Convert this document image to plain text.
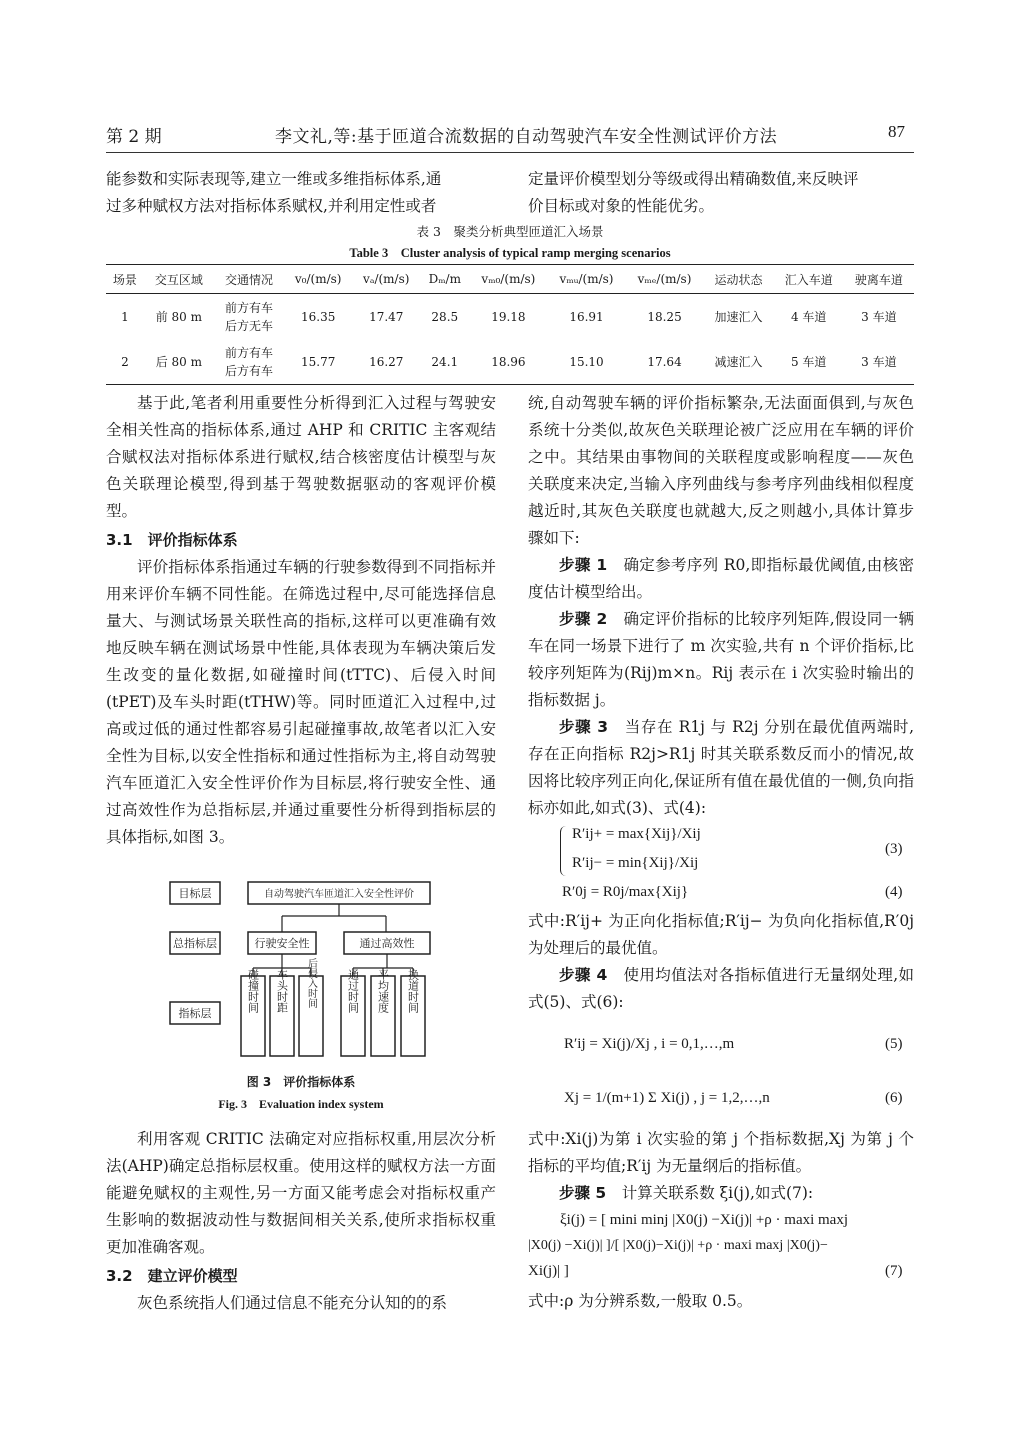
第 2 期	李文礼,等:基于匝道合流数据的自动驾驶汽车安全性测试评价方法	87

能参数和实际表现等,建立一维或多维指标体系,通

过多种赋权方法对指标体系赋权,并利用定性或者

定量评价模型划分等级或得出精确数值,来反映评

价目标或对象的性能优劣。

表 3　聚类分析典型匝道汇入场景
Table 3　Cluster analysis of typical ramp merging scenarios
场景	交互区域	交通情况	v₀/(m/s)	vₐ/(m/s)	Dₘ/m	vₘ₀/(m/s)	vₘᵤ/(m/s)	vₘₑ/(m/s)	运动状态	汇入车道	驶离车道
1	前 80 m	前方有车
后方无车	16.35	17.47	28.5	19.18	16.91	18.25	加速汇入	4 车道	3 车道
2	后 80 m	前方有车
后方有车	15.77	16.27	24.1	18.96	15.10	17.64	减速汇入	5 车道	3 车道

基于此,笔者利用重要性分析得到汇入过程与驾驶安全相关性高的指标体系,通过 AHP 和 CRITIC 主客观结合赋权法对指标体系进行赋权,结合核密度估计模型与灰色关联理论模型,得到基于驾驶数据驱动的客观评价模型。

3.1　评价指标体系

评价指标体系指通过车辆的行驶参数得到不同指标并用来评价车辆不同性能。在筛选过程中,尽可能选择信息量大、与测试场景关联性高的指标,这样可以更准确有效地反映车辆在测试场景中性能,具体表现为车辆决策后发生改变的量化数据,如碰撞时间(tTTC)、后侵入时间(tPET)及车头时距(tTHW)等。同时匝道汇入过程中,过高或过低的通过性都容易引起碰撞事故,故笔者以汇入安全性为目标,以安全性指标和通过性指标为主,将自动驾驶汽车匝道汇入安全性评价作为目标层,将行驶安全性、通过高效性作为总指标层,并通过重要性分析得到指标层的具体指标,如图 3。

目标层
总指标层
指标层
自动驾驶汽车匝道汇入安全性评价
行驶安全性	通过高效性
碰撞时间 车头时距 后侵入时间	通过时间 平均速度 换道时间
图 3　评价指标体系
Fig. 3　Evaluation index system

利用客观 CRITIC 法确定对应指标权重,用层次分析法(AHP)确定总指标层权重。使用这样的赋权方法一方面能避免赋权的主观性,另一方面又能考虑会对指标权重产生影响的数据波动性与数据间相关关系,使所求指标权重更加准确客观。

3.2　建立评价模型

灰色系统指人们通过信息不能充分认知的的系

统,自动驾驶车辆的评价指标繁杂,无法面面俱到,与灰色系统十分类似,故灰色关联理论被广泛应用在车辆的评价之中。其结果由事物间的关联程度或影响程度——灰色关联度来决定,当输入序列曲线与参考序列曲线相似程度越近时,其灰色关联度也就越大,反之则越小,具体计算步骤如下:

步骤 1　 确定参考序列 R0,即指标最优阈值,由核密度估计模型给出。

步骤 2　 确定评价指标的比较序列矩阵,假设同一辆车在同一场景下进行了 m 次实验,共有 n 个评价指标,比较序列矩阵为(Rij)m×n。Rij 表示在 i 次实验时输出的指标数据 j。

步骤 3　 当存在 R1j 与 R2j 分别在最优值两端时,存在正向指标 R2j>R1j 时其关联系数反而小的情况,故因将比较序列正向化,保证所有值在最优值的一侧,负向指标亦如此,如式(3)、式(4):

R′ij+ = max{Xij}/Xij
R′ij− = min{Xij}/Xij
(3)
R′0j = R0j/max{Xij}	(4)

式中:R′ij+ 为正向化指标值;R′ij− 为负向化指标值,R′0j 为处理后的最优值。

步骤 4　 使用均值法对各指标值进行无量纲处理,如式(5)、式(6):

R′ij = Xi(j)/Xj , i = 0,1,…,m	(5)
Xj = 1/(m+1) Σ Xi(j) , j = 1,2,…,n	(6)

式中:Xi(j)为第 i 次实验的第 j 个指标数据,Xj 为第 j 个指标的平均值;R′ij 为无量纲后的指标值。

步骤 5　 计算关联系数 ξi(j),如式(7):

ξi(j) = [ mini minj |X0(j) −Xi(j)| +ρ · maxi maxj
|X0(j) −Xi(j)| ]/[ |X0(j)−Xi(j)| +ρ · maxi maxj |X0(j)−
Xi(j)| ]	(7)

式中:ρ 为分辨系数,一般取 0.5。
